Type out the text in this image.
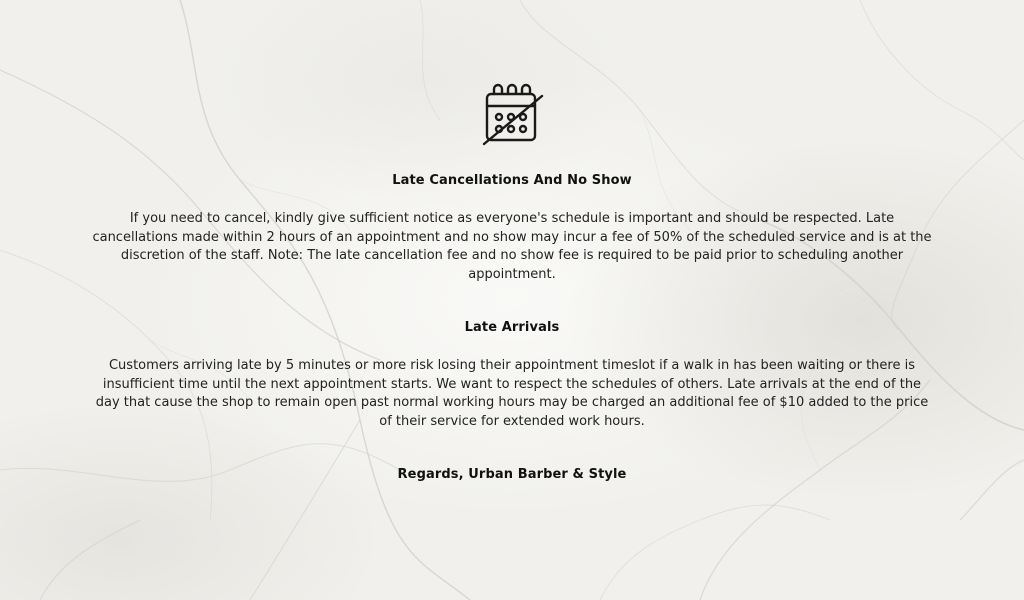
Late Cancellations And No Show
If you need to cancel, kindly give sufficient notice as everyone's schedule is important and should be respected. Late cancellations made within 2 hours of an appointment and no show may incur a fee of 50% of the scheduled service and is at the discretion of the staff. Note: The late cancellation fee and no show fee is required to be paid prior to scheduling another appointment.
Late Arrivals
Customers arriving late by 5 minutes or more risk losing their appointment timeslot if a walk in has been waiting or there is insufficient time until the next appointment starts. We want to respect the schedules of others. Late arrivals at the end of the day that cause the shop to remain open past normal working hours may be charged an additional fee of $10 added to the price of their service for extended work hours.
Regards, Urban Barber & Style
